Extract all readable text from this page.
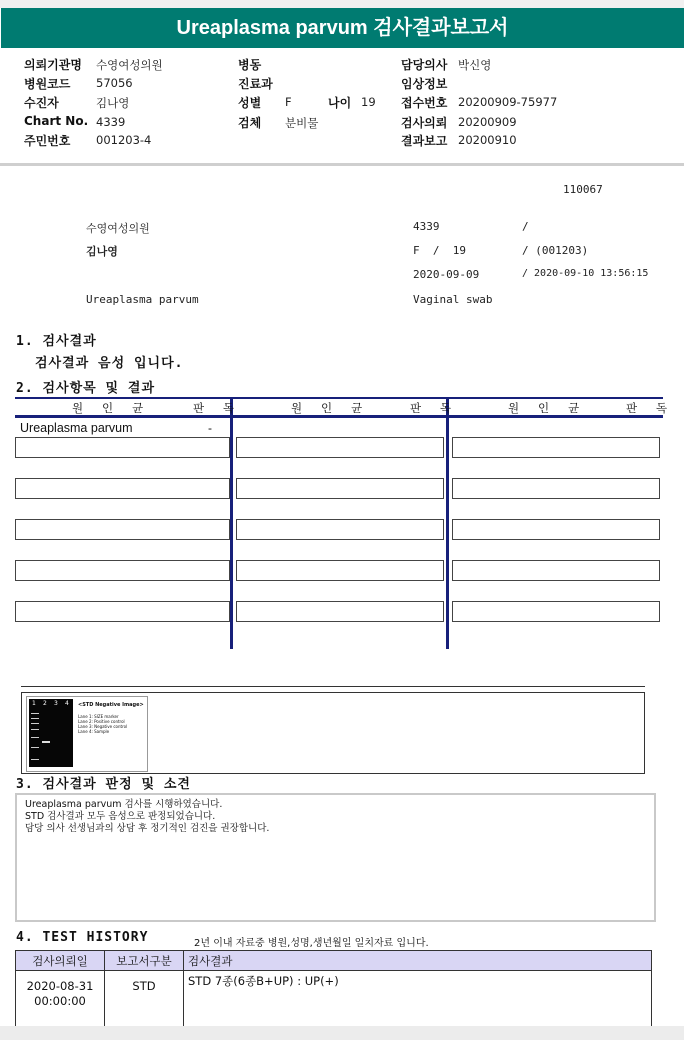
Ureaplasma parvum 검사결과보고서
의뢰기관명 수영여성의원
병원코드 57056
수진자	김나영
Chart No. 4339
주민번호 001203-4
병동
진료과
성별 F	나이 19
검체 분비물
담당의사 박신영
임상정보
접수번호 20200909-75977
검사의뢰 20200909
결과보고 20200910
110067
수영여성의원	4339	/
김나영	F  /  19	/ (001203)
2020-09-09	/ 2020-09-10 13:56:15
Ureaplasma parvum	Vaginal swab
1. 검사결과
검사결과 음성 입니다.
2. 검사항목 및 결과
원 인 균	판 독	원 인 균	판 독	원 인 균	판 독
Ureaplasma parvum	-
1 2 3 4 <STD Negative Image>
Lane 1: SIZE marker
Lane 2: Positive control
Lane 3: Negative control
Lane 4: Sample
3. 검사결과 판정 및 소견
Ureaplasma parvum 검사를 시행하였습니다.
STD 검사결과 모두 음성으로 판정되었습니다.
담당 의사 선생님과의 상담 후 정기적인 검진을 권장합니다.
4. TEST HISTORY	2년 이내 자료중 병원,성명,생년월일 일치자료 입니다.
검사의뢰일	보고서구분	검사결과

2020-08-31
00:00:00	STD	STD 7종(6종B+UP) : UP(+)
